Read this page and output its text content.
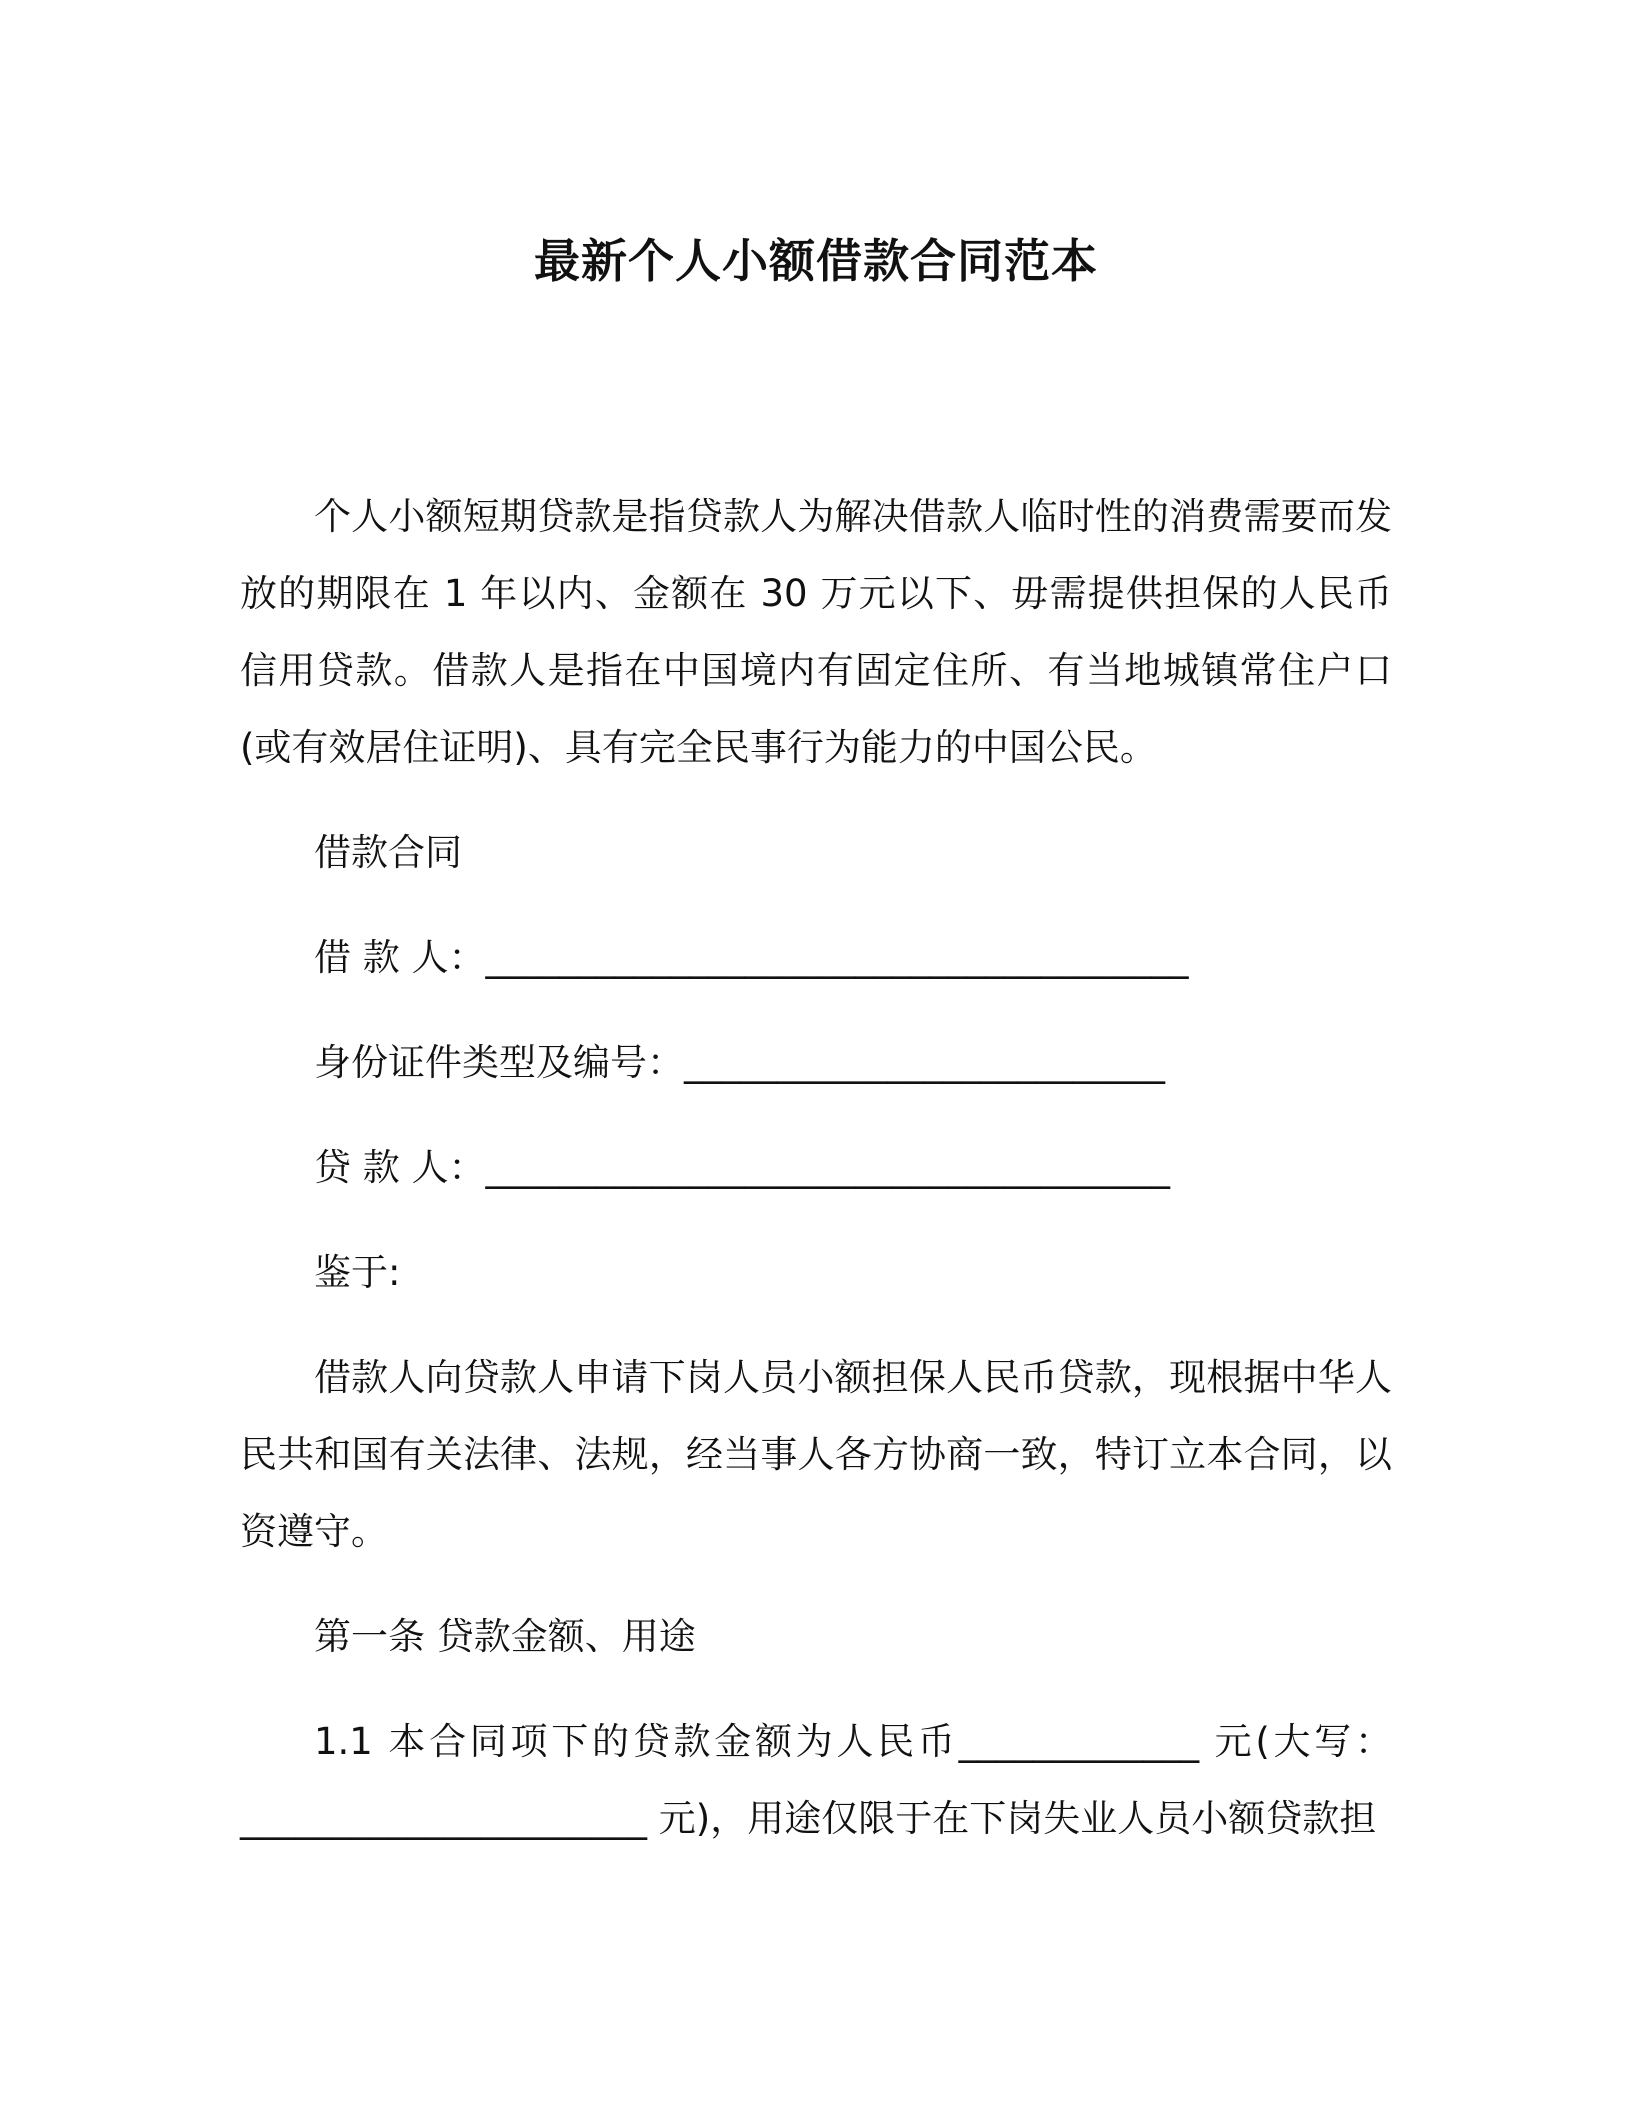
最新个人小额借款合同范本

个人小额短期贷款是指贷款人为解决借款人临时性的消费需要而发放的期限在 1 年以内、金额在 30 万元以下、毋需提供担保的人民币信用贷款。借款人是指在中国境内有固定住所、有当地城镇常住户口(或有效居住证明)、具有完全民事行为能力的中国公民。

借款合同

借 款 人：______________________________________

身份证件类型及编号：__________________________

贷 款 人：_____________________________________

鉴于:

借款人向贷款人申请下岗人员小额担保人民币贷款，现根据中华人民共和国有关法律、法规，经当事人各方协商一致，特订立本合同，以资遵守。

第一条 贷款金额、用途

1.1 本合同项下的贷款金额为人民币_____________ 元(大写：______________________ 元)，用途仅限于在下岗失业人员小额贷款担
